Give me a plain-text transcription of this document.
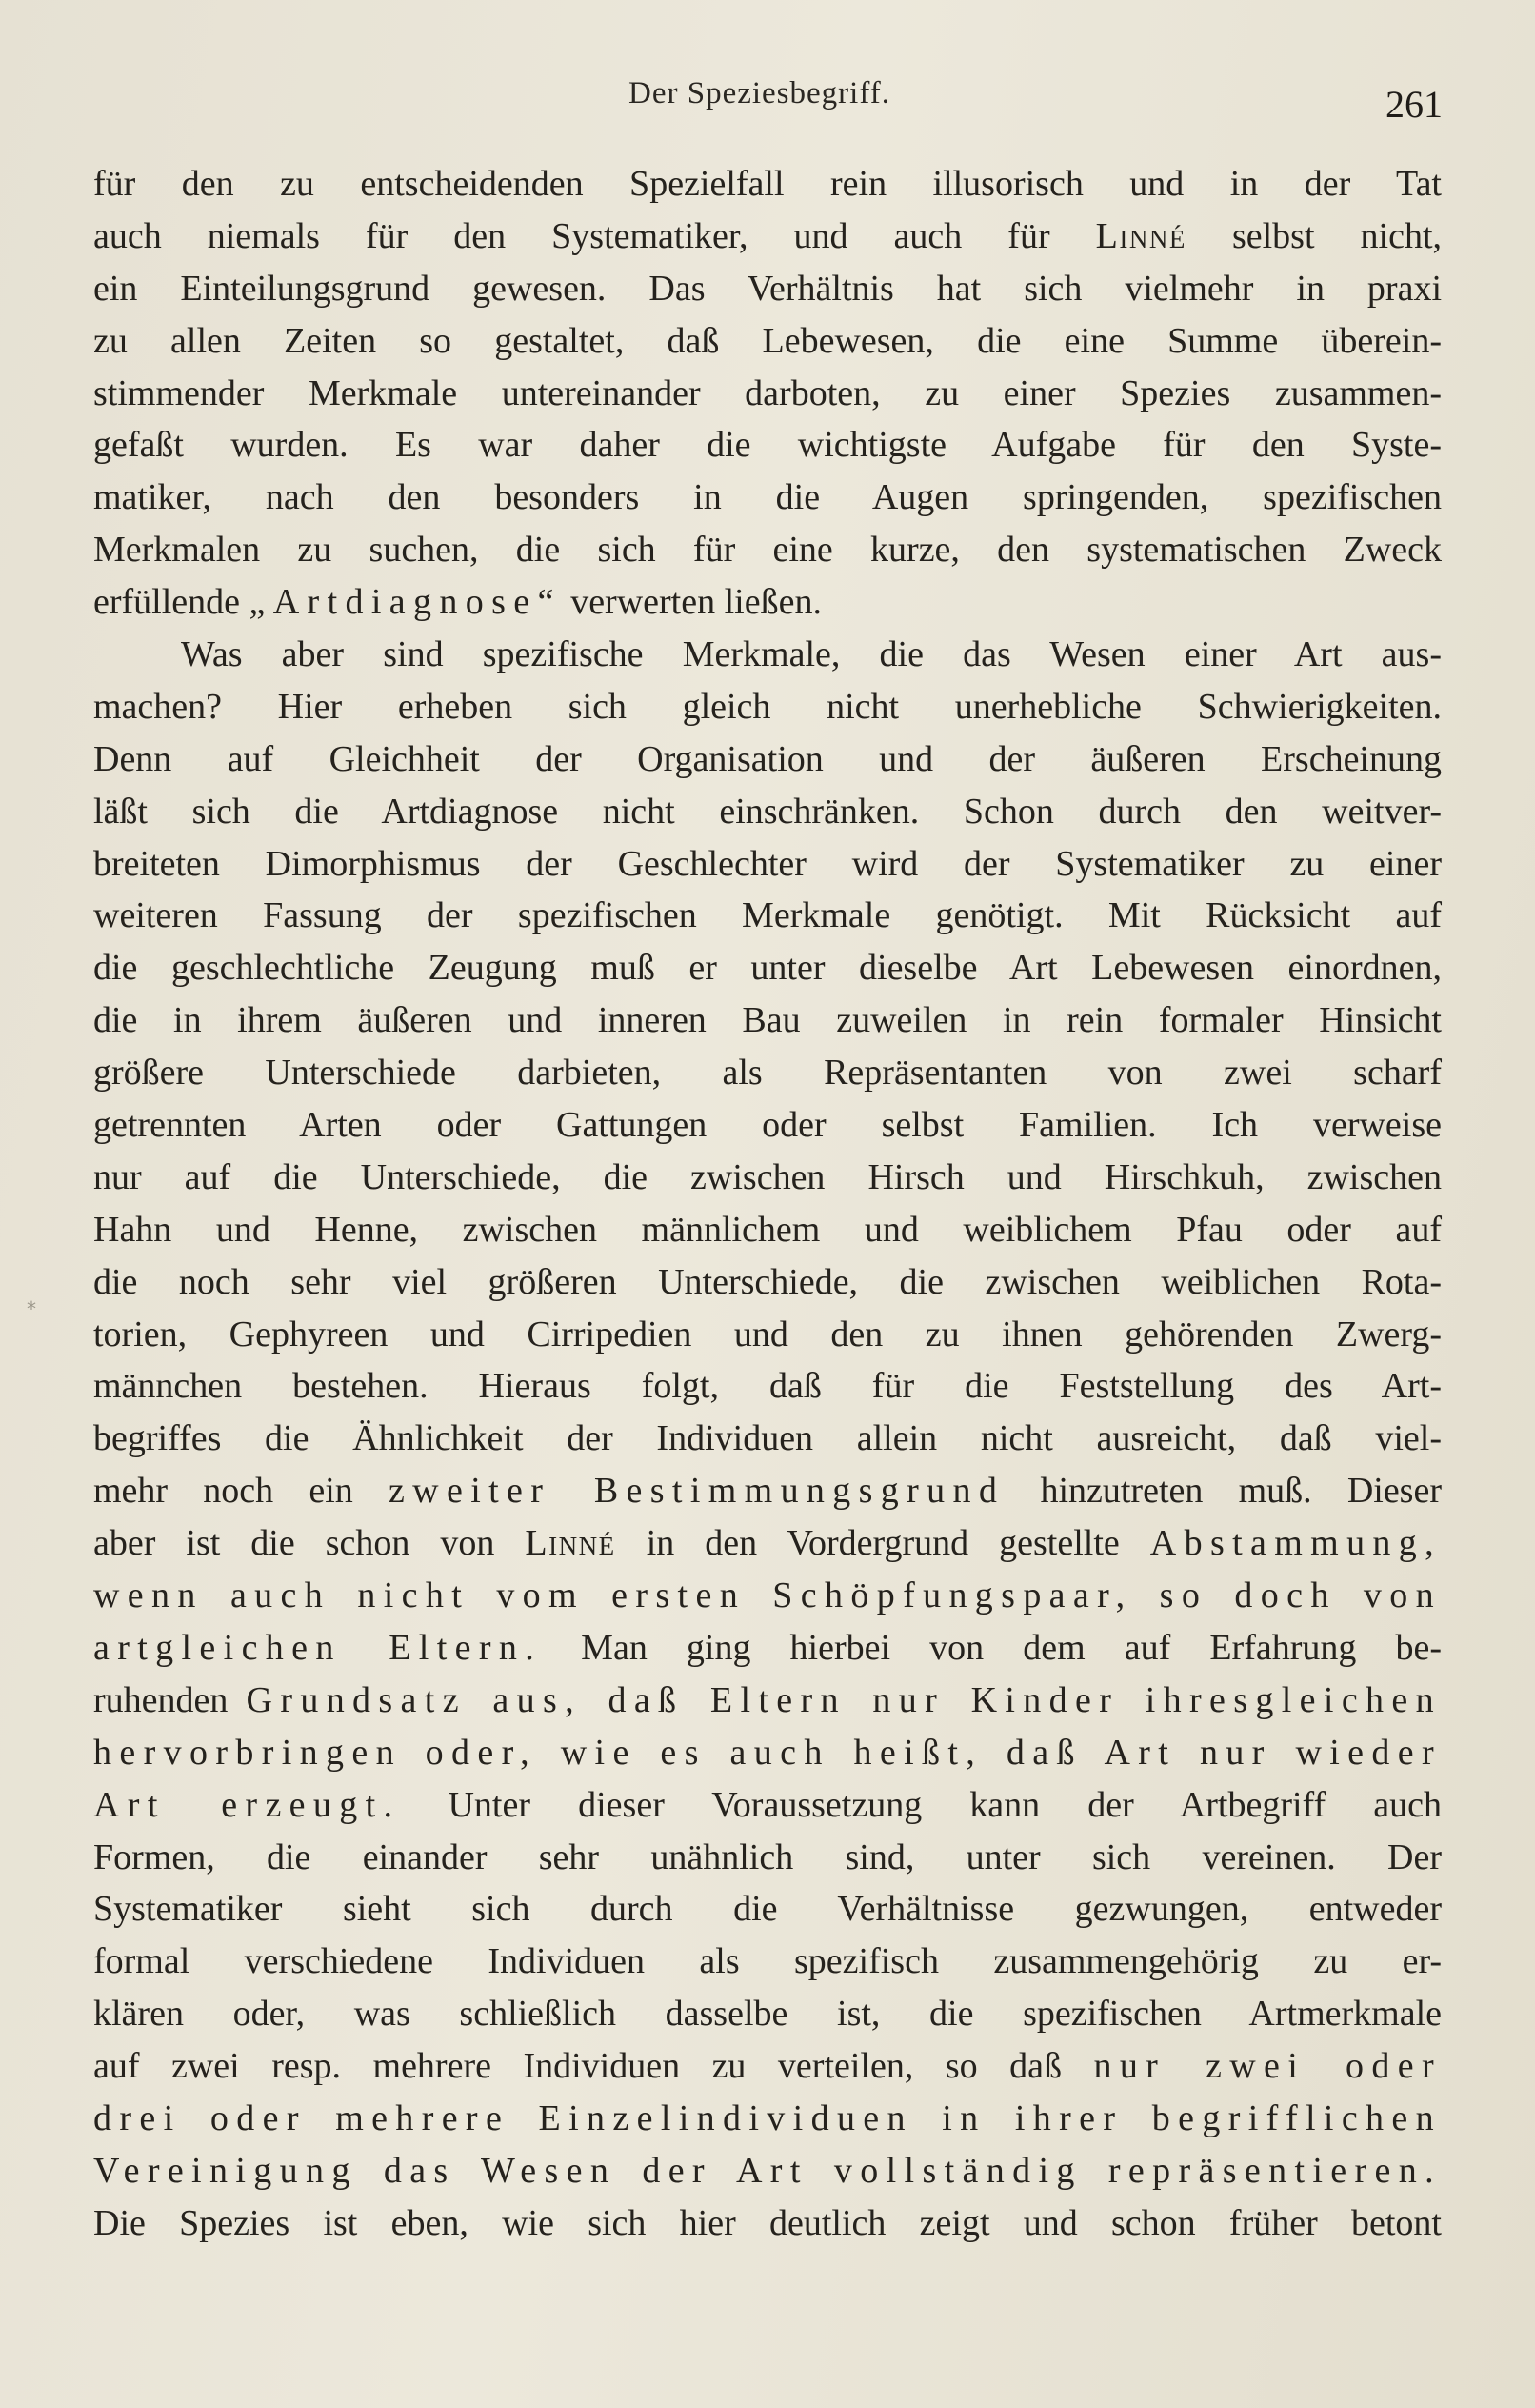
Der Speziesbegriff.	261
*
für den zu entscheidenden Spezielfall rein illusorisch und in der Tat
auch niemals für den Systematiker, und auch für Linné selbst nicht,
ein Einteilungsgrund gewesen. Das Verhältnis hat sich vielmehr in praxi
zu allen Zeiten so gestaltet, daß Lebewesen, die eine Summe überein-
stimmender Merkmale untereinander darboten, zu einer Spezies zusammen-
gefaßt wurden. Es war daher die wichtigste Aufgabe für den Syste-
matiker, nach den besonders in die Augen springenden, spezifischen
Merkmalen zu suchen, die sich für eine kurze, den systematischen Zweck
erfüllende „Artdiagnose“ verwerten ließen.
Was aber sind spezifische Merkmale, die das Wesen einer Art aus-
machen? Hier erheben sich gleich nicht unerhebliche Schwierigkeiten.
Denn auf Gleichheit der Organisation und der äußeren Erscheinung
läßt sich die Artdiagnose nicht einschränken. Schon durch den weitver-
breiteten Dimorphismus der Geschlechter wird der Systematiker zu einer
weiteren Fassung der spezifischen Merkmale genötigt. Mit Rücksicht auf
die geschlechtliche Zeugung muß er unter dieselbe Art Lebewesen einordnen,
die in ihrem äußeren und inneren Bau zuweilen in rein formaler Hinsicht
größere Unterschiede darbieten, als Repräsentanten von zwei scharf
getrennten Arten oder Gattungen oder selbst Familien. Ich verweise
nur auf die Unterschiede, die zwischen Hirsch und Hirschkuh, zwischen
Hahn und Henne, zwischen männlichem und weiblichem Pfau oder auf
die noch sehr viel größeren Unterschiede, die zwischen weiblichen Rota-
torien, Gephyreen und Cirripedien und den zu ihnen gehörenden Zwerg-
männchen bestehen. Hieraus folgt, daß für die Feststellung des Art-
begriffes die Ähnlichkeit der Individuen allein nicht ausreicht, daß viel-
mehr noch ein zweiter Bestimmungsgrund hinzutreten muß. Dieser
aber ist die schon von Linné in den Vordergrund gestellte Abstammung,
wenn auch nicht vom ersten Schöpfungspaar, so doch von
artgleichen Eltern. Man ging hierbei von dem auf Erfahrung be-
ruhenden Grundsatz aus, daß Eltern nur Kinder ihresgleichen
hervorbringen oder, wie es auch heißt, daß Art nur wieder
Art erzeugt. Unter dieser Voraussetzung kann der Artbegriff auch
Formen, die einander sehr unähnlich sind, unter sich vereinen. Der
Systematiker sieht sich durch die Verhältnisse gezwungen, entweder
formal verschiedene Individuen als spezifisch zusammengehörig zu er-
klären oder, was schließlich dasselbe ist, die spezifischen Artmerkmale
auf zwei resp. mehrere Individuen zu verteilen, so daß nur zwei oder
drei oder mehrere Einzelindividuen in ihrer begrifflichen
Vereinigung das Wesen der Art vollständig repräsentieren.
Die Spezies ist eben, wie sich hier deutlich zeigt und schon früher betont
